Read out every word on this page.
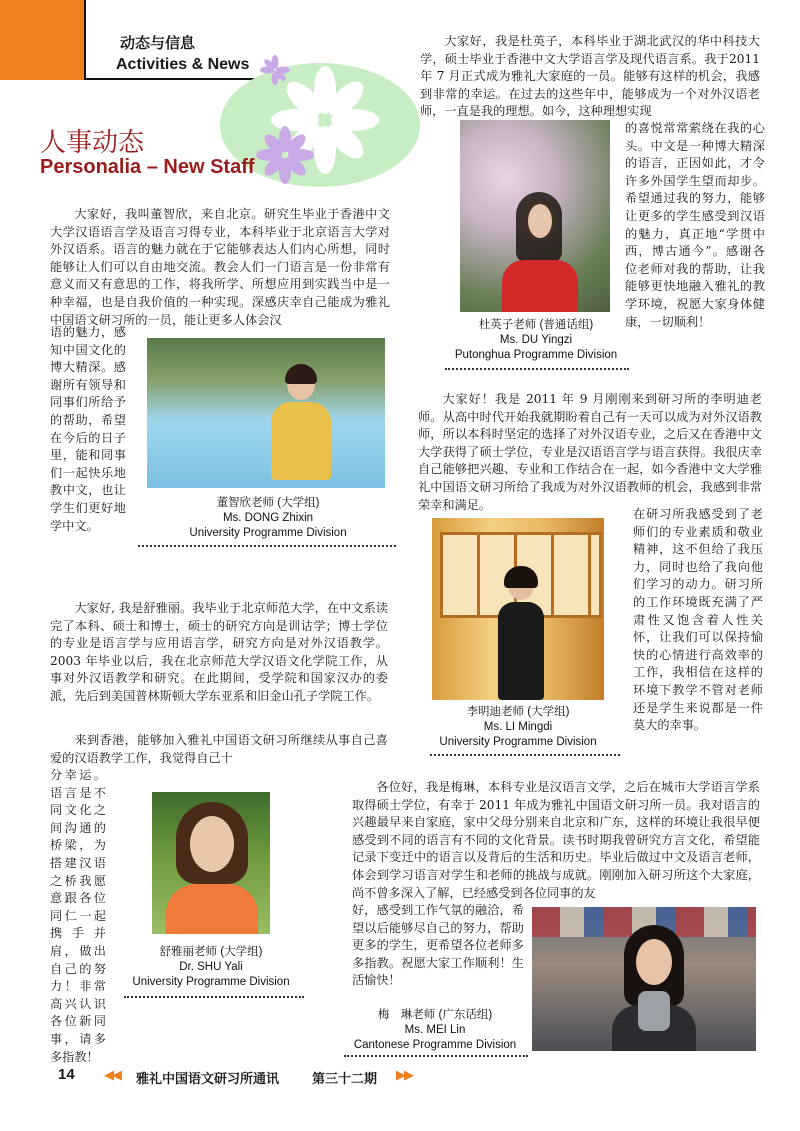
动态与信息
Activities & News
人事动态
Personalia – New Staff

大家好，我叫董智欣，来自北京。研究生毕业于香港中文大学汉语语言学及语言习得专业，本科毕业于北京语言大学对外汉语系。语言的魅力就在于它能够表达人们内心所想，同时能够让人们可以自由地交流。教会人们一门语言是一份非常有意义而又有意思的工作，将我所学、所想应用到实践当中是一种幸福，也是自我价值的一种实现。深感庆幸自己能成为雅礼中国语文研习所的一员，能让更多人体会汉

语的魅力，感知中国文化的博大精深。感谢所有领导和同事们所给予的帮助，希望在今后的日子里，能和同事们一起快乐地教中文，也让学生们更好地学中文。

董智欣老师 (大学组)
Ms. DONG Zhixin
University Programme Division

大家好，我是杜英子，本科毕业于湖北武汉的华中科技大学，硕士毕业于香港中文大学语言学及现代语言系。我于2011 年 7 月正式成为雅礼大家庭的一员。能够有这样的机会，我感到非常的幸运。在过去的这些年中，能够成为一个对外汉语老师，一直是我的理想。如今，这种理想实现

的喜悦常常萦绕在我的心头。中文是一种博大精深的语言，正因如此，才令许多外国学生望而却步。希望通过我的努力，能够让更多的学生感受到汉语的魅力，真正地“学贯中西，博古通今”。感谢各位老师对我的帮助，让我能够更快地融入雅礼的教学环境，祝愿大家身体健康，一切顺利！

杜英子老师 (普通话组)
Ms. DU Yingzi
Putonghua Programme Division

大家好！我是 2011 年 9 月刚刚来到研习所的李明迪老师。从高中时代开始我就期盼着自己有一天可以成为对外汉语教师，所以本科时坚定的选择了对外汉语专业，之后又在香港中文大学获得了硕士学位，专业是汉语语言学与语言获得。我很庆幸自己能够把兴趣、专业和工作结合在一起，如今香港中文大学雅礼中国语文研习所给了我成为对外汉语教师的机会，我感到非常荣幸和满足。

在研习所我感受到了老师们的专业素质和敬业精神，这不但给了我压力，同时也给了我向他们学习的动力。研习所的工作环境既充满了严肃性又饱含着人性关怀，让我们可以保持愉快的心情进行高效率的工作，我相信在这样的环境下教学不管对老师还是学生来说都是一件莫大的幸事。

李明迪老师 (大学组)
Ms. LI Mingdi
University Programme Division

大家好, 我是舒雅丽。我毕业于北京师范大学，在中文系读完了本科、硕士和博士，硕士的研究方向是训诂学；博士学位的专业是语言学与应用语言学，研究方向是对外汉语教学。2003 年毕业以后，我在北京师范大学汉语文化学院工作，从事对外汉语教学和研究。在此期间，受学院和国家汉办的委派，先后到美国普林斯顿大学东亚系和旧金山孔子学院工作。

来到香港，能够加入雅礼中国语文研习所继续从事自己喜爱的汉语教学工作，我觉得自己十

分幸运。语言是不同文化之间沟通的桥梁，为搭建汉语之桥我愿意跟各位同仁一起携手并肩，做出自己的努力！非常高兴认识各位新同事，请多多指教！

舒雅丽老师 (大学组)
Dr. SHU Yali
University Programme Division

各位好，我是梅琳，本科专业是汉语言文学，之后在城市大学语言学系取得硕士学位，有幸于 2011 年成为雅礼中国语文研习所一员。我对语言的兴趣最早来自家庭，家中父母分别来自北京和广东，这样的环境让我很早便感受到不同的语言有不同的文化背景。读书时期我曾研究方言文化，希望能记录下变迁中的语言以及背后的生活和历史。毕业后做过中文及语言老师，体会到学习语言对学生和老师的挑战与成就。刚刚加入研习所这个大家庭，尚不曾多深入了解，已经感受到各位同事的友

好，感受到工作气氛的融洽，希望以后能够尽自己的努力，帮助更多的学生，更希望各位老师多多指教。祝愿大家工作顺利！生活愉快！

梅　琳老师 (广东话组)
Ms. MEI Lin
Cantonese Programme Division
14 ◀◀ 雅礼中国语文研习所通讯	第三十二期 ▶▶
